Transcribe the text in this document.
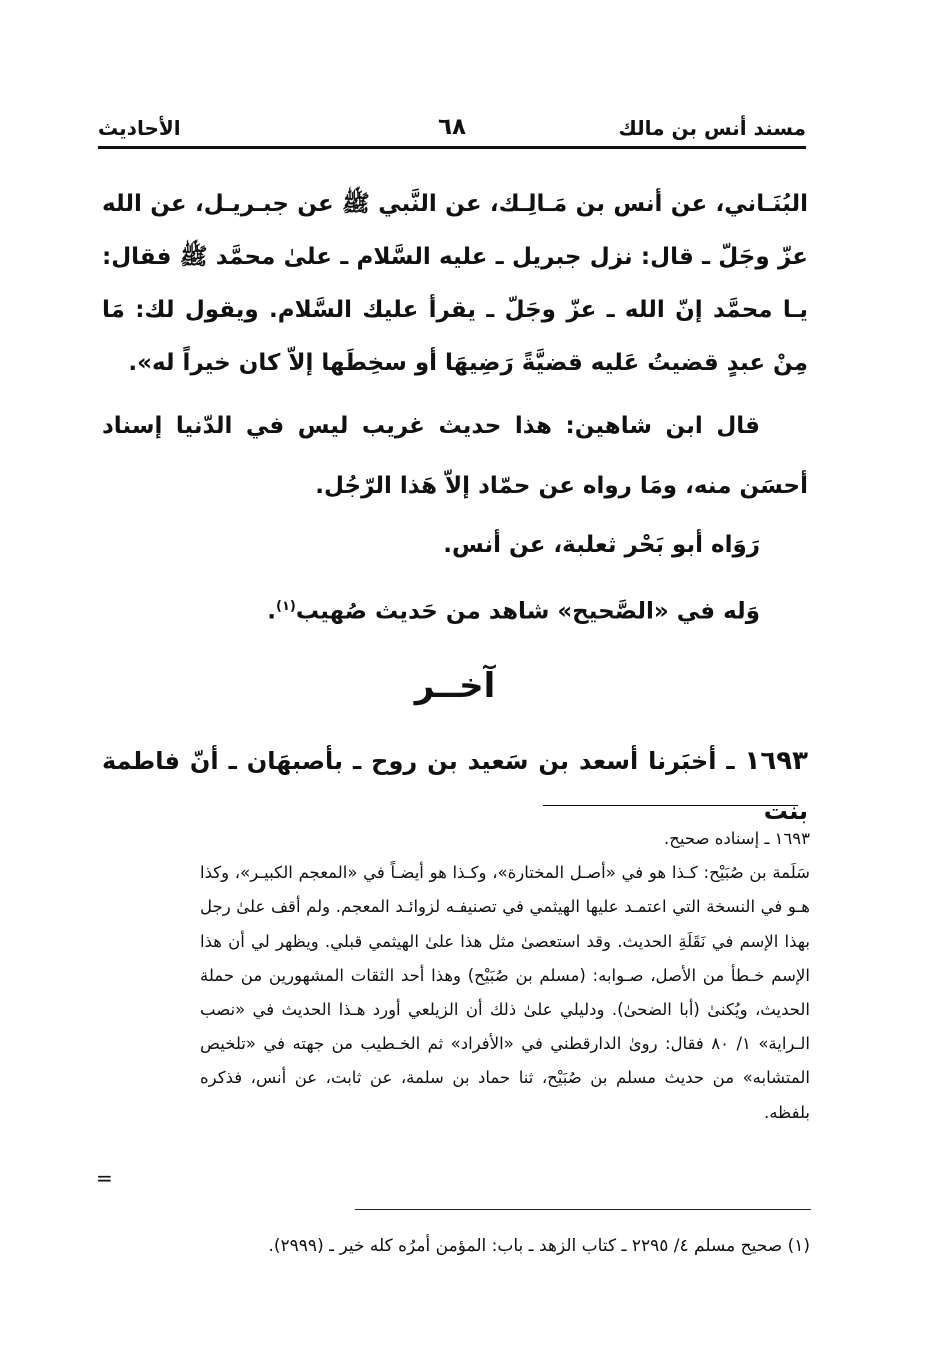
مسند أنس بن مالك
٦٨
الأحاديث
البُنَـاني، عن أنس بن مَـالِـك، عن النَّبي ﷺ عن جبـريـل، عن الله عزّ وجَلّ ـ قال: نزل جبريل ـ عليه السَّلام ـ علىٰ محمَّد ﷺ فقال: يـا محمَّد إنّ الله ـ عزّ وجَلّ ـ يقرأ عليك السَّلام. ويقول لك: مَا مِنْ عبدٍ قضيتُ عَليه قضيَّةً رَضِيهَا أو سخِطَها إلاّ كان خيراً له».
قال ابن شاهين: هذا حديث غريب ليس في الدّنيا إسناد أحسَن منه، ومَا رواه عن حمّاد إلاّ هَذا الرّجُل.
رَوَاه أبو بَحْر ثعلبة، عن أنس.
وَله في «الصَّحيح» شاهد من حَديث صُهيب$^{(١)}$.
آخــر
١٦٩٣ ـ أخبَرنا أسعد بن سَعيد بن روح ـ بأصبهَان ـ أنّ فاطمة بنت

١٦٩٣ ـ إسناده صحيح.

سَلَمة بن صُبَيْح: كـذا هو في «أصـل المختارة»، وكـذا هو أيضـاً في «المعجم الكبيـر»، وكذا هـو في النسخة التي اعتمـد عليها الهيثمي في تصنيفـه لزوائـد المعجم. ولم أقف علىٰ رجل بهذا الإسم في نَقَلَةِ الحديث. وقد استعصىٰ مثل هذا علىٰ الهيثمي قبلي. ويظهر لي أن هذا الإسم خـطأ من الأصل، صـوابه: (مسلم بن صُبَيْح) وهذا أحد الثقات المشهورين من حملة الحديث، ويُكنىٰ (أبا الضحىٰ). ودليلي علىٰ ذلك أن الزيلعي أورد هـذا الحديث في «نصب الـراية» ١/ ٨٠ فقال: روىٰ الدارقطني في «الأفراد» ثم الخـطيب من جهته في «تلخيص المتشابه» من حديث مسلم بن صُبَيْح، ثنا حماد بن سلمة، عن ثابت، عن أنس، فذكره بلفظه.

=
(١) صحيح مسلم ٤/ ٢٢٩٥ ـ كتاب الزهد ـ باب: المؤمن أمرُه كله خير ـ (٢٩٩٩).
